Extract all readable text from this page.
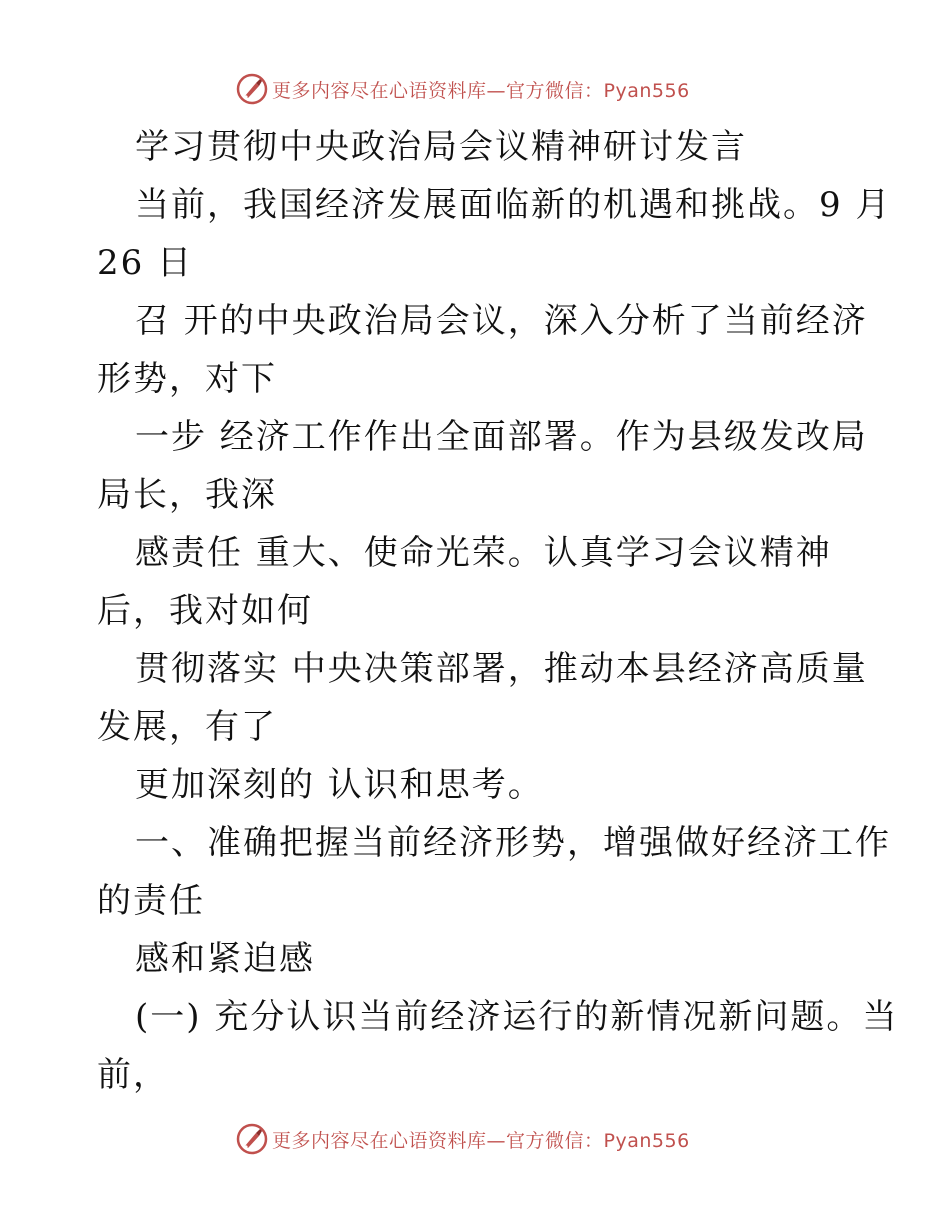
更多内容尽在心语资料库—官方微信：Pyan556
学习贯彻中央政治局会议精神研讨发言
当前，我国经济发展面临新的机遇和挑战。9 月
26 日
召 开的中央政治局会议，深入分析了当前经济
形势，对下
一步 经济工作作出全面部署。作为县级发改局
局长，我深
感责任 重大、使命光荣。认真学习会议精神
后，我对如何
贯彻落实 中央决策部署，推动本县经济高质量
发展，有了
更加深刻的 认识和思考。
一、准确把握当前经济形势，增强做好经济工作
的责任
感和紧迫感
(一) 充分认识当前经济运行的新情况新问题。当
前，
更多内容尽在心语资料库—官方微信：Pyan556
